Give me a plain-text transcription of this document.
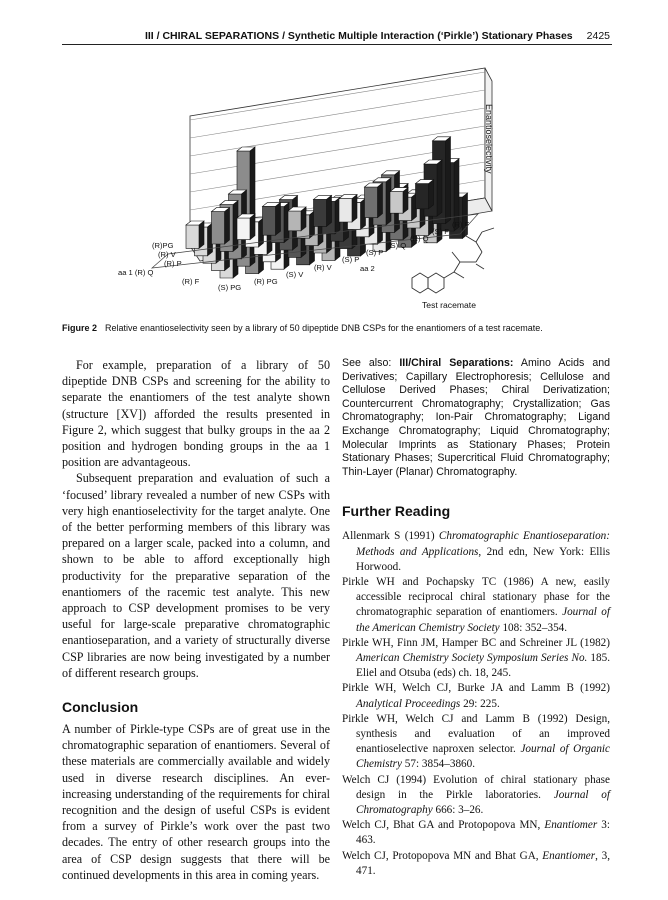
III / CHIRAL SEPARATIONS / Synthetic Multiple Interaction (‘Pirkle’) Stationary Phases 2425
Enantioselectivity
(R)PG
(R) V
(R) P
aa 1 (R) Q
(R) F
(S) PG
(R) PG
(S) V
(R) V
(S) P
(S) P
(S) Q
(R) Q
(S) F
(R) F
aa 2
Test racemate
Figure 2 Relative enantioselectivity seen by a library of 50 dipeptide DNB CSPs for the enantiomers of a test racemate.

For example, preparation of a library of 50 dipeptide DNB CSPs and screening for the ability to separate the enantiomers of the test analyte shown (structure [XV]) afforded the results presented in Figure 2, which suggest that bulky groups in the aa 2 position and hydrogen bonding groups in the aa 1 position are advantageous.

Subsequent preparation and evaluation of such a ‘focused’ library revealed a number of new CSPs with very high enantioselectivity for the target analyte. One of the better performing members of this library was prepared on a larger scale, packed into a column, and shown to be able to afford exceptionally high productivity for the preparative separation of the enantiomers of the racemic test analyte. This new approach to CSP development promises to be very useful for large-scale preparative chromatographic enantioseparation, and a variety of structurally diverse CSP libraries are now being investigated by a number of different research groups.

Conclusion

A number of Pirkle-type CSPs are of great use in the chromatographic separation of enantiomers. Several of these materials are commercially available and widely used in diverse research disciplines. An ever-increasing understanding of the requirements for chiral recognition and the design of useful CSPs is evident from a survey of Pirkle’s work over the past two decades. The entry of other research groups into the area of CSP design suggests that there will be continued developments in this area in coming years.

See also: III/Chiral Separations: Amino Acids and Derivatives; Capillary Electrophoresis; Cellulose and Cellulose Derived Phases; Chiral Derivatization; Countercurrent Chromatography; Crystallization; Gas Chromatography; Ion-Pair Chromatography; Ligand Exchange Chromatography; Liquid Chromatography; Molecular Imprints as Stationary Phases; Protein Stationary Phases; Supercritical Fluid Chromatography; Thin-Layer (Planar) Chromatography.

Further Reading

Allenmark S (1991) Chromatographic Enantioseparation: Methods and Applications, 2nd edn, New York: Ellis Horwood.

Pirkle WH and Pochapsky TC (1986) A new, easily accessible reciprocal chiral stationary phase for the chromatographic separation of enantiomers. Journal of the American Chemistry Society 108: 352–354.

Pirkle WH, Finn JM, Hamper BC and Schreiner JL (1982) American Chemistry Society Symposium Series No. 185. Eliel and Otsuba (eds) ch. 18, 245.

Pirkle WH, Welch CJ, Burke JA and Lamm B (1992) Analytical Proceedings 29: 225.

Pirkle WH, Welch CJ and Lamm B (1992) Design, synthesis and evaluation of an improved enantioselective naproxen selector. Journal of Organic Chemistry 57: 3854–3860.

Welch CJ (1994) Evolution of chiral stationary phase design in the Pirkle laboratories. Journal of Chromatography 666: 3–26.

Welch CJ, Bhat GA and Protopopova MN, Enantiomer 3: 463.

Welch CJ, Protopopova MN and Bhat GA, Enantiomer, 3, 471.
